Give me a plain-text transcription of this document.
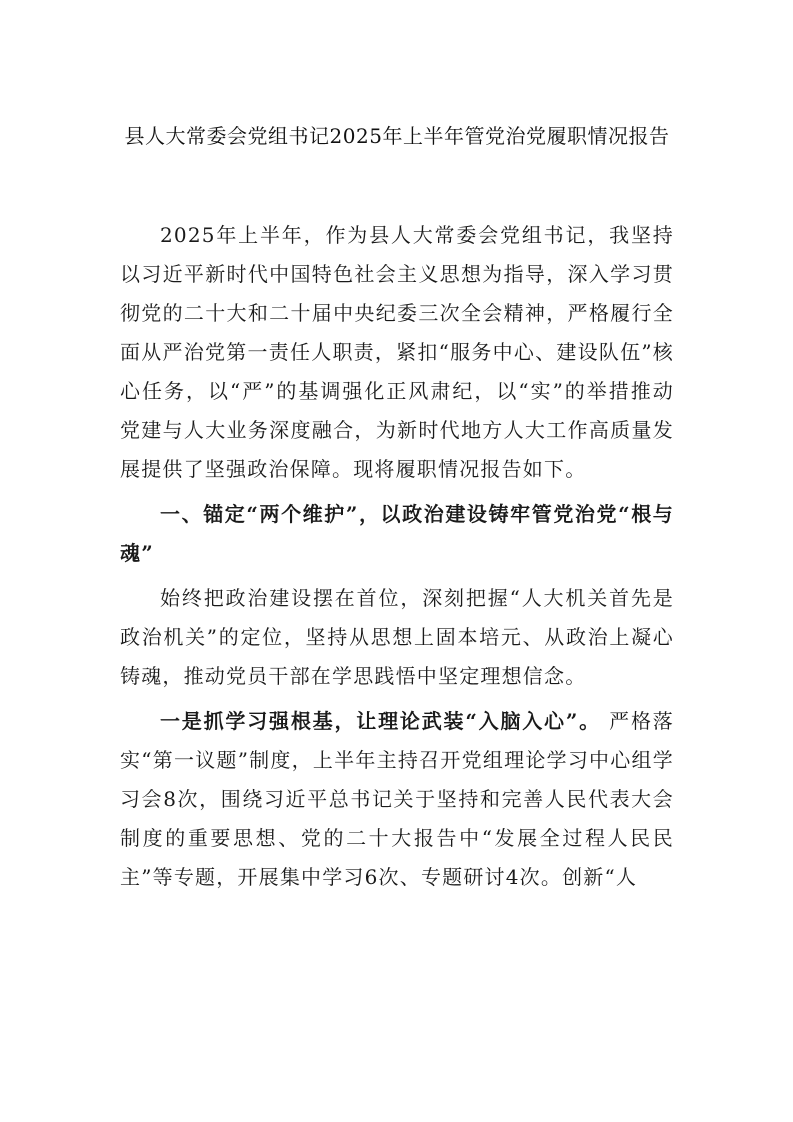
县人大常委会党组书记2025年上半年管党治党履职情况报告

2025年上半年，作为县人大常委会党组书记，我坚持以习近平新时代中国特色社会主义思想为指导，深入学习贯彻党的二十大和二十届中央纪委三次全会精神，严格履行全面从严治党第一责任人职责，紧扣“服务中心、建设队伍”核心任务，以“严”的基调强化正风肃纪，以“实”的举措推动党建与人大业务深度融合，为新时代地方人大工作高质量发展提供了坚强政治保障。现将履职情况报告如下。

一、锚定“两个维护”，以政治建设铸牢管党治党“根与魂”

始终把政治建设摆在首位，深刻把握“人大机关首先是政治机关”的定位，坚持从思想上固本培元、从政治上凝心铸魂，推动党员干部在学思践悟中坚定理想信念。

一是抓学习强根基，让理论武装“入脑入心”。 严格落实“第一议题”制度，上半年主持召开党组理论学习中心组学习会8次，围绕习近平总书记关于坚持和完善人民代表大会制度的重要思想、党的二十大报告中“发展全过程人民民主”等专题，开展集中学习6次、专题研讨4次。创新“人
